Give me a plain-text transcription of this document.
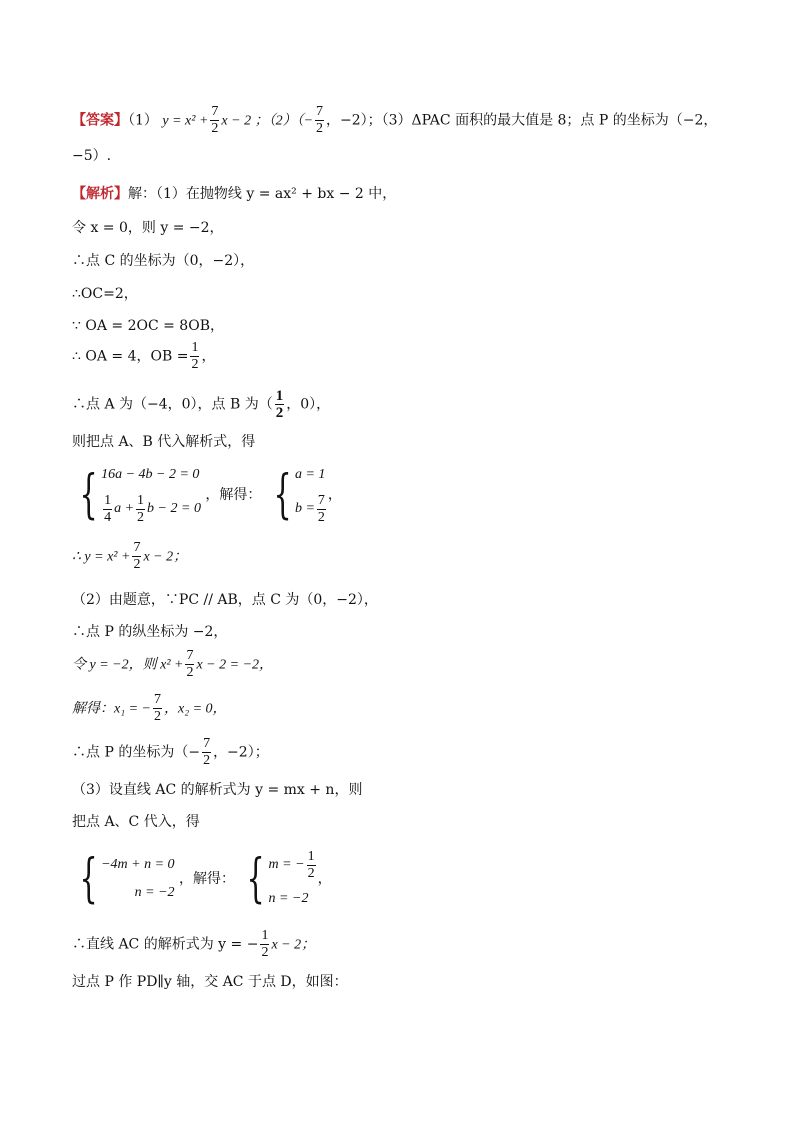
【答案】（1） $y = x^2 + \frac{7}{2}$ x − 2 ；$(2)(- \frac{7}{2}$ ，−2）；（3）ΔPAC 面积的最大值是 8；点 P 的坐标为（−2，
−5）.
【解析】解：（1）在抛物线 y = ax² + bx − 2 中，
令 x = 0，则 y = −2，
∴点 C 的坐标为（0，−2），
∴OC=2，
∵ OA = 2OC = 8OB，
∴ OA = 4，OB = $\frac{1}{2}$ ，
∴点 A 为（−4，0），点 B 为（ $\frac{1}{2}$ ，0），
则把点 A、B 代入解析式，得
{ 16a − 4b − 2 = 0
$\frac{1}{4}$ $a + \frac{1}{2}$ b − 2 = 0
，解得： { a = 1
$b = \frac{7}{2}$ ，
∴ $y = x^2 + \frac{7}{2}$ x − 2；
（2）由题意，∵PC // AB，点 C 为（0，−2），
∴点 P 的纵坐标为 −2，
令 y = −2，则 $x^2 + \frac{7}{2}$ x − 2 = −2，
解得：x₁ = − $\frac{7}{2}$ ，x₂ = 0，
∴点 P 的坐标为（− $\frac{7}{2}$ ，−2）；
（3）设直线 AC 的解析式为 y = mx + n，则
把点 A、C 代入，得
{ −4m + n = 0
n = −2
，解得： { m = − $\frac{1}{2}$
n = −2
，
∴直线 AC 的解析式为 y = − $\frac{1}{2}$ x − 2；
过点 P 作 PD∥y 轴，交 AC 于点 D，如图：
